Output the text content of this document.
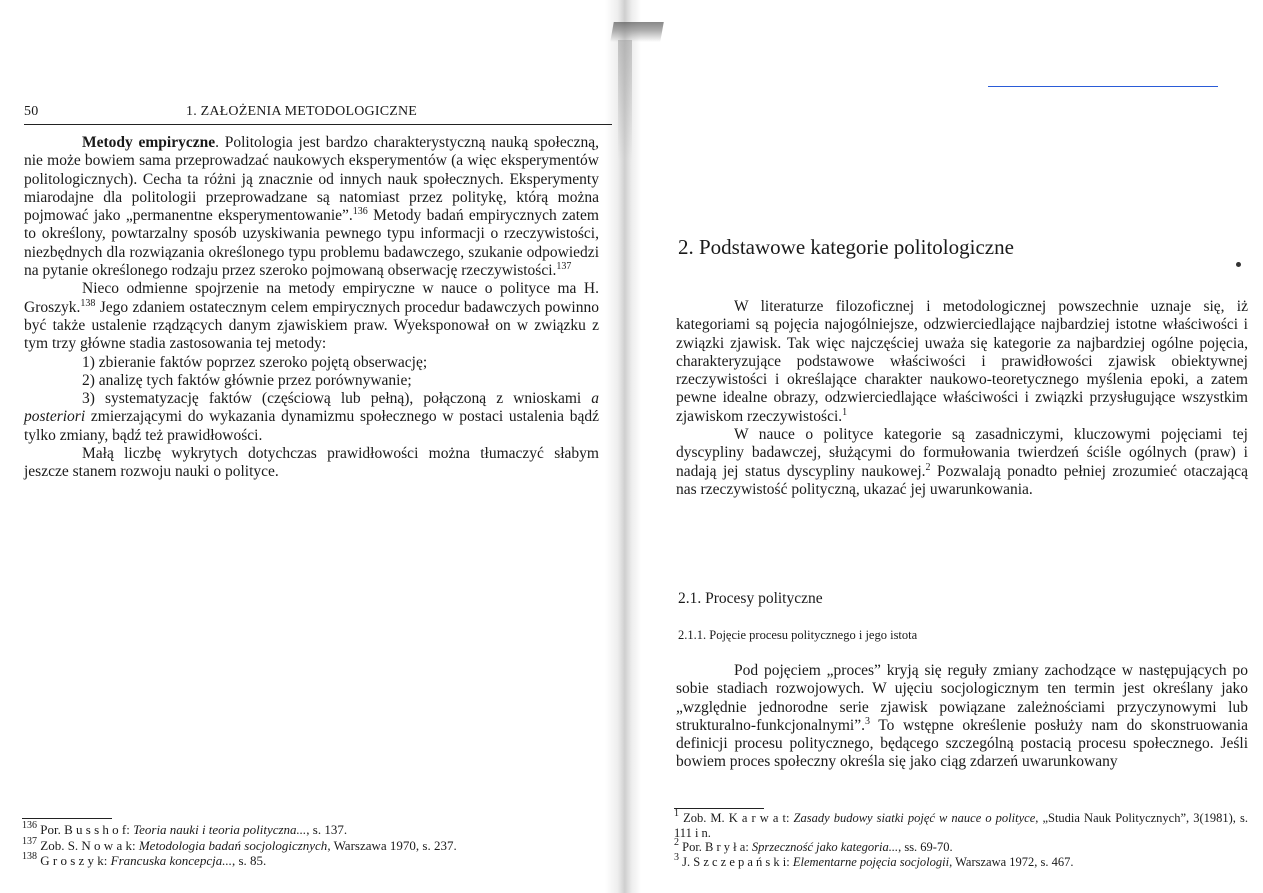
50	1. ZAŁOŻENIA METODOLOGICZNE

Metody empiryczne. Politologia jest bardzo charakterystyczną nauką społeczną, nie może bowiem sama przeprowadzać naukowych eksperymentów (a więc eksperymentów politologicznych). Cecha ta różni ją znacznie od innych nauk społecznych. Eksperymenty miarodajne dla politologii przeprowadzane są natomiast przez politykę, którą można pojmować jako „permanentne eksperymentowanie”.$^{136}$ Metody badań empirycznych zatem to określony, powtarzalny sposób uzyskiwania pewnego typu informacji o rzeczywistości, niezbędnych dla rozwiązania określonego typu problemu badawczego, szukanie odpowiedzi na pytanie określonego rodzaju przez szeroko pojmowaną obserwację rzeczywistości.$^{137}$

Nieco odmienne spojrzenie na metody empiryczne w nauce o polityce ma H. Groszyk.$^{138}$ Jego zdaniem ostatecznym celem empirycznych procedur badawczych powinno być także ustalenie rządzących danym zjawiskiem praw. Wyeksponował on w związku z tym trzy główne stadia zastosowania tej metody:

1) zbieranie faktów poprzez szeroko pojętą obserwację;

2) analizę tych faktów głównie przez porównywanie;

3) systematyzację faktów (częściową lub pełną), połączoną z wnioskami a posteriori zmierzającymi do wykazania dynamizmu społecznego w postaci ustalenia bądź tylko zmiany, bądź też prawidłowości.

Małą liczbę wykrytych dotychczas prawidłowości można tłumaczyć słabym jeszcze stanem rozwoju nauki o polityce.

$^{136}$ Por. B u s s h o f: Teoria nauki i teoria polityczna..., s. 137.

$^{137}$ Zob. S. N o w a k: Metodologia badań socjologicznych, Warszawa 1970, s. 237.

$^{138}$ G r o s z y k: Francuska koncepcja..., s. 85.

2. Podstawowe kategorie politologiczne

W literaturze filozoficznej i metodologicznej powszechnie uznaje się, iż kategoriami są pojęcia najogólniejsze, odzwierciedlające najbardziej istotne właściwości i związki zjawisk. Tak więc najczęściej uważa się kategorie za najbardziej ogólne pojęcia, charakteryzujące podstawowe właściwości i prawidłowości zjawisk obiektywnej rzeczywistości i określające charakter naukowo-teoretycznego myślenia epoki, a zatem pewne idealne obrazy, odzwierciedlające właściwości i związki przysługujące wszystkim zjawiskom rzeczywistości.$^1$

W nauce o polityce kategorie są zasadniczymi, kluczowymi pojęciami tej dyscypliny badawczej, służącymi do formułowania twierdzeń ściśle ogólnych (praw) i nadają jej status dyscypliny naukowej.$^2$ Pozwalają ponadto pełniej zrozumieć otaczającą nas rzeczywistość polityczną, ukazać jej uwarunkowania.

2.1. Procesy polityczne
2.1.1. Pojęcie procesu politycznego i jego istota

Pod pojęciem „proces” kryją się reguły zmiany zachodzące w następujących po sobie stadiach rozwojowych. W ujęciu socjologicznym ten termin jest określany jako „względnie jednorodne serie zjawisk powiązane zależnościami przyczynowymi lub strukturalno-funkcjonalnymi”.$^3$ To wstępne określenie posłuży nam do skonstruowania definicji procesu politycznego, będącego szczególną postacią procesu społecznego. Jeśli bowiem proces społeczny określa się jako ciąg zdarzeń uwarunkowany

$^1$ Zob. M. K a r w a t: Zasady budowy siatki pojęć w nauce o polityce, „Studia Nauk Politycznych”, 3(1981), s. 111 i n.

$^2$ Por. B r y ł a: Sprzeczność jako kategoria..., ss. 69-70.

$^3$ J. S z c z e p a ń s k i: Elementarne pojęcia socjologii, Warszawa 1972, s. 467.
